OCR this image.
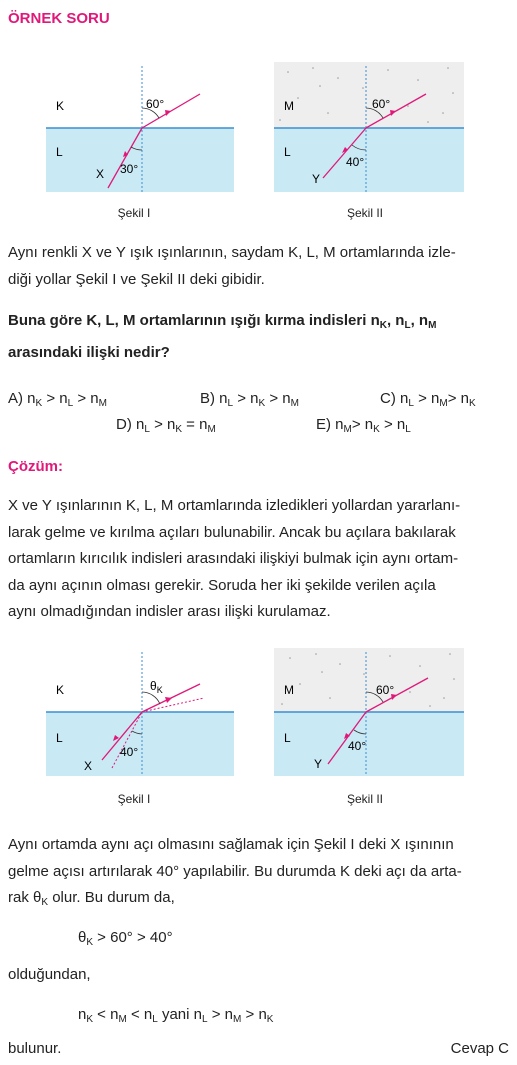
ÖRNEK SORU
K
L
X
60°
30°
Şekil I
M
L
Y
60°
40°
Şekil II
Aynı renkli X ve Y ışık ışınlarının, saydam K, L, M ortamlarında izle-
diği yollar Şekil I ve Şekil II deki gibidir.
Buna göre K, L, M ortamlarının ışığı kırma indisleri $n_K$, $n_L$, $n_M$
arasındaki ilişki nedir?
A) $n_K > n_L > n_M$	B) $n_L > n_K > n_M$	C) $n_L > n_M> n_K$
D) $n_L > n_K = n_M$	E) $n_M> n_K > n_L$
Çözüm:
X ve Y ışınlarının K, L, M ortamlarında izledikleri yollardan yararlanı-
larak gelme ve kırılma açıları bulunabilir. Ancak bu açılara bakılarak
ortamların kırıcılık indisleri arasındaki ilişkiyi bulmak için aynı ortam-
da aynı açının olması gerekir. Soruda her iki şekilde verilen açıla
aynı olmadığından indisler arası ilişki kurulamaz.
K
L
X
$\theta_K$
40°
Şekil I
M
L
Y
60°
40°
Şekil II
Aynı ortamda aynı açı olmasını sağlamak için Şekil I deki X ışınının
gelme açısı artırılarak 40° yapılabilir. Bu durumda K deki açı da arta-
rak $\theta_K$ olur. Bu durum da,
$\theta_K > 60^\circ > 40^\circ$
olduğundan,
$n_K < n_M < n_L$ yani $n_L > n_M > n_K$
bulunur.	Cevap C
